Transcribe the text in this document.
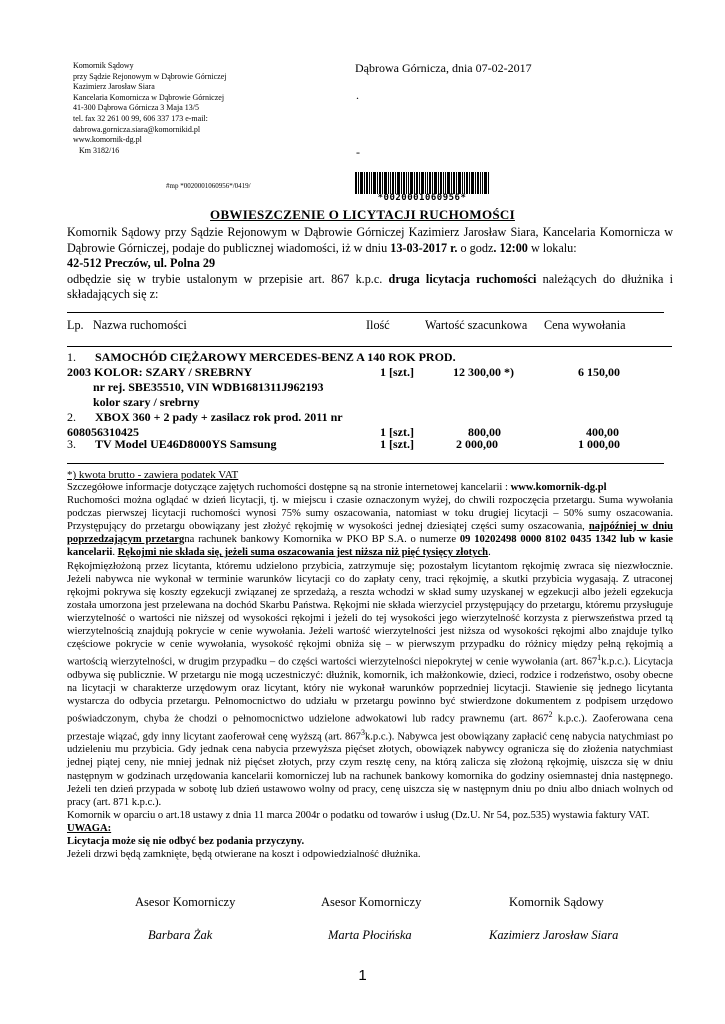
Komornik Sądowy
przy Sądzie Rejonowym w Dąbrowie Górniczej
Kazimierz Jarosław Siara
Kancelaria Komornicza w Dąbrowie Górniczej
41-300 Dąbrowa Górnicza 3 Maja 13/5
tel. fax 32 261 00 99, 606 337 173 e-mail:
dabrowa.gornicza.siara@komornikid.pl
www.komornik-dg.pl
Km 3182/16
Dąbrowa Górnicza, dnia 07-02-2017
.
-
#mp *0020001060956*/0419/
*0020001060956*
OBWIESZCZENIE O LICYTACJI RUCHOMOŚCI
Komornik Sądowy przy Sądzie Rejonowym w Dąbrowie Górniczej Kazimierz Jarosław Siara, Kancelaria Komornicza w Dąbrowie Górniczej, podaje do publicznej wiadomości, iż w dniu 13-03-2017 r. o godz. 12:00 w lokalu:
42-512 Preczów, ul. Polna 29
odbędzie się w trybie ustalonym w przepisie art. 867 k.p.c. druga licytacja ruchomości należących do dłużnika i składających się z:
Lp. Nazwa ruchomości	Ilość	Wartość szacunkowa Cena wywołania
1. SAMOCHÓD CIĘŻAROWY MERCEDES-BENZ A 140 ROK PROD.
2003 KOLOR: SZARY / SREBRNY
nr rej. SBE35510, VIN WDB1681311J962193
kolor szary / srebrny
1 [szt.]	12 300,00 *)	6 150,00
2. XBOX 360 + 2 pady + zasilacz rok prod. 2011 nr
608056310425	1 [szt.]	800,00	400,00
3. TV Model UE46D8000YS Samsung	1 [szt.]	2 000,00	1 000,00
*) kwota brutto - zawiera podatek VAT

Szczegółowe informacje dotyczące zajętych ruchomości dostępne są na stronie internetowej kancelarii : www.komornik-dg.pl

Ruchomości można oglądać w dzień licytacji, tj. w miejscu i czasie oznaczonym wyżej, do chwili rozpoczęcia przetargu. Suma wywołania podczas pierwszej licytacji ruchomości wynosi 75% sumy oszacowania, natomiast w toku drugiej licytacji – 50% sumy oszacowania. Przystępujący do przetargu obowiązany jest złożyć rękojmię w wysokości jednej dziesiątej części sumy oszacowania, najpóźniej w dniu poprzedzającym przetargna rachunek bankowy Komornika w PKO BP S.A. o numerze 09 10202498 0000 8102 0435 1342 lub w kasie kancelarii. Rękojmi nie składa się, jeżeli suma oszacowania jest niższa niż pięć tysięcy złotych.

Rękojmięzłożoną przez licytanta, któremu udzielono przybicia, zatrzymuje się; pozostałym licytantom rękojmię zwraca się niezwłocznie. Jeżeli nabywca nie wykonał w terminie warunków licytacji co do zapłaty ceny, traci rękojmię, a skutki przybicia wygasają. Z utraconej rękojmi pokrywa się koszty egzekucji związanej ze sprzedażą, a reszta wchodzi w skład sumy uzyskanej w egzekucji albo jeżeli egzekucja została umorzona jest przelewana na dochód Skarbu Państwa. Rękojmi nie składa wierzyciel przystępujący do przetargu, któremu przysługuje wierzytelność o wartości nie niższej od wysokości rękojmi i jeżeli do tej wysokości jego wierzytelność korzysta z pierwszeństwa przed tą wierzytelnością znajdują pokrycie w cenie wywołania. Jeżeli wartość wierzytelności jest niższa od wysokości rękojmi albo znajduje tylko częściowe pokrycie w cenie wywołania, wysokość rękojmi obniża się – w pierwszym przypadku do różnicy między pełną rękojmią a wartością wierzytelności, w drugim przypadku – do części wartości wierzytelności niepokrytej w cenie wywołania (art. $867^1k.p.c$.). Licytacja odbywa się publicznie. W przetargu nie mogą uczestniczyć: dłużnik, komornik, ich małżonkowie, dzieci, rodzice i rodzeństwo, osoby obecne na licytacji w charakterze urzędowym oraz licytant, który nie wykonał warunków poprzedniej licytacji. Stawienie się jednego licytanta wystarcza do odbycia przetargu. Pełnomocnictwo do udziału w przetargu powinno być stwierdzone dokumentem z podpisem urzędowo poświadczonym, chyba że chodzi o pełnomocnictwo udzielone adwokatowi lub radcy prawnemu (art. $867^2$ k.p.c.). Zaoferowana cena przestaje wiązać, gdy inny licytant zaoferował cenę wyższą (art. $867^3k.p.c$.). Nabywca jest obowiązany zapłacić cenę nabycia natychmiast po udzieleniu mu przybicia. Gdy jednak cena nabycia przewyższa pięćset złotych, obowiązek nabywcy ogranicza się do złożenia natychmiast jednej piątej ceny, nie mniej jednak niż pięćset złotych, przy czym resztę ceny, na którą zalicza się złożoną rękojmię, uiszcza się w dniu następnym w godzinach urzędowania kancelarii komorniczej lub na rachunek bankowy komornika do godziny osiemnastej dnia następnego. Jeżeli ten dzień przypada w sobotę lub dzień ustawowo wolny od pracy, cenę uiszcza się w następnym dniu po dniu albo dniach wolnych od pracy (art. 871 k.p.c.).

Komornik w oparciu o art.18 ustawy z dnia 11 marca 2004r o podatku od towarów i usług (Dz.U. Nr 54, poz.535) wystawia faktury VAT.

UWAGA:

Licytacja może się nie odbyć bez podania przyczyny.

Jeżeli drzwi będą zamknięte, będą otwierane na koszt i odpowiedzialność dłużnika.

Asesor Komorniczy	Asesor Komorniczy	Komornik Sądowy
Barbara Żak	Marta Płocińska	Kazimierz Jarosław Siara
1
